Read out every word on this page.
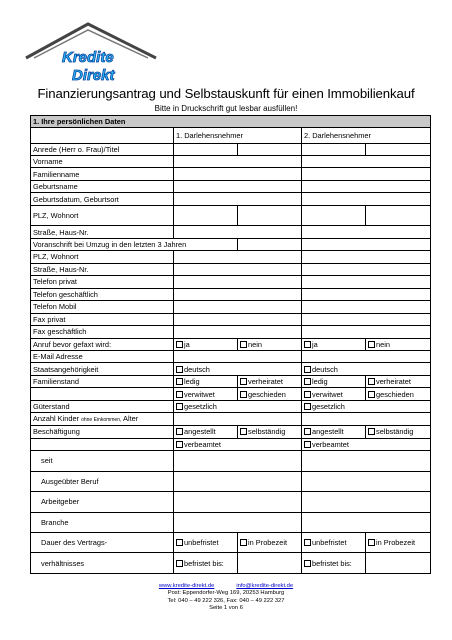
Kredite
Direkt
Finanzierungsantrag und Selbstauskunft für einen Immobilienkauf
Bitte in Druckschrift gut lesbar ausfüllen!
1. Ihre persönlichen Daten				
	1. Darlehensnehmer		2. Darlehensnehmer	
Anrede (Herr o. Frau)/Titel				
Vorname				
Familienname				
Geburtsname				
Geburtsdatum, Geburtsort				
PLZ, Wohnort				
Straße, Haus-Nr.				
Voranschrift bei Umzug in den letzten 3 Jahren				
PLZ, Wohnort				
Straße, Haus-Nr.				
Telefon privat				
Telefon geschäftlich				
Telefon Mobil				
Fax privat				
Fax geschäftlich				
Anruf bevor gefaxt wird:	ja	nein	ja	nein
E-Mail Adresse				
Staatsangehörigkeit	deutsch		deutsch	
Familienstand	ledig	verheiratet	ledig	verheiratet
	verwitwet	geschieden	verwitwet	geschieden
Güterstand	gesetzlich		gesetzlich	
Anzahl Kinder ohne Einkommen, Alter				
Beschäftigung	angestellt	selbständig	angestellt	selbständig
	verbeamtet		verbeamtet	
seit				
Ausgeübter Beruf				
Arbeitgeber				
Branche				
Dauer des Vertrags-	unbefristet	in Probezeit	unbefristet	in Probezeit
verhältnisses	befristet bis:		befristet bis:	
www.kredite-direkt.de	info@kredite-direkt.de
Post: Eppendorfer-Weg 169, 20253 Hamburg
Tel: 040 – 49 222 326, Fax: 040 – 49 222 327
Seite 1 von 6
